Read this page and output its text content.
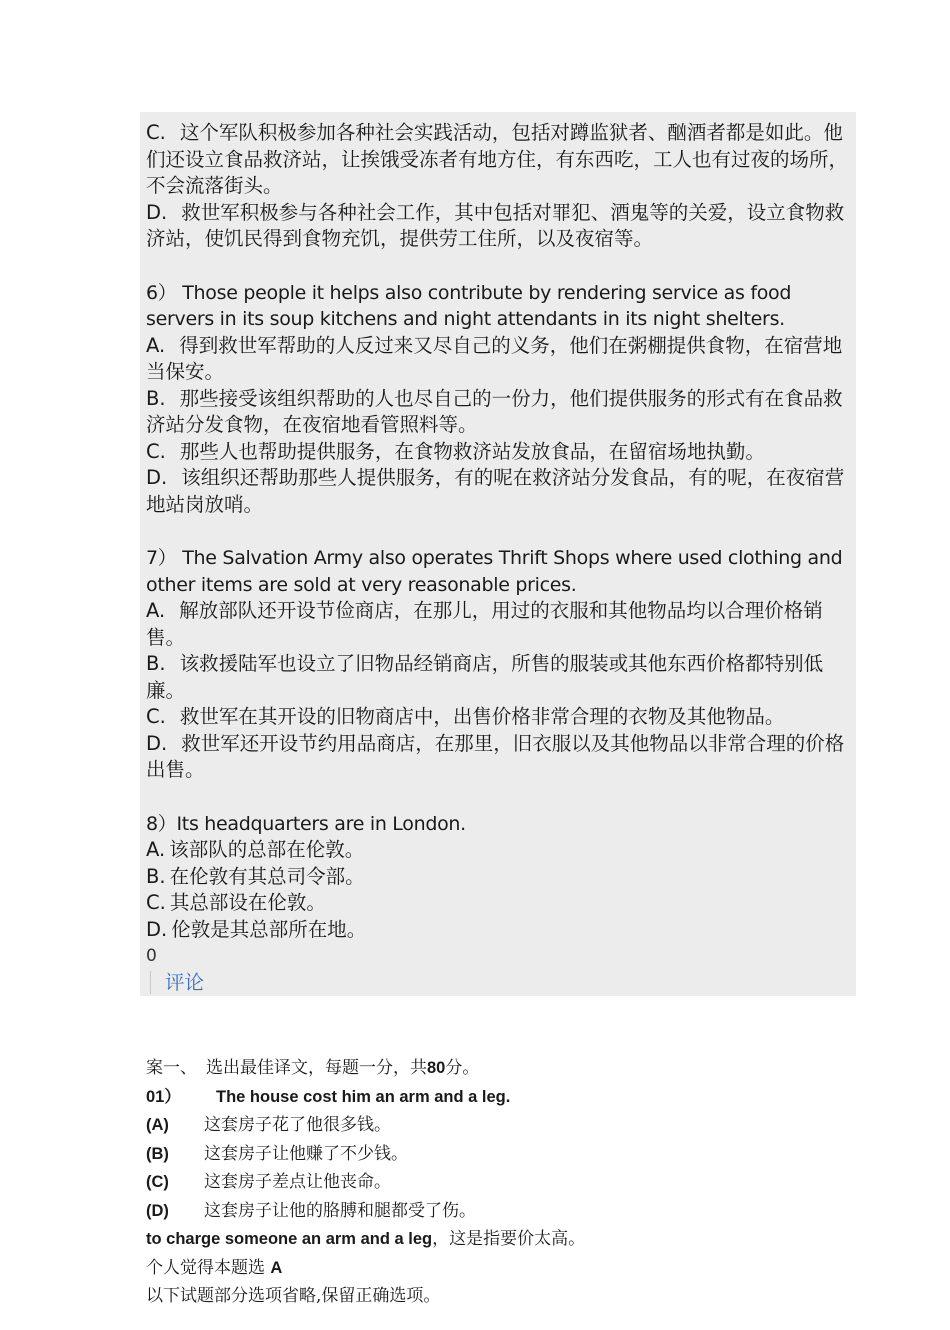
C. 这个军队积极参加各种社会实践活动，包括对蹲监狱者、酗酒者都是如此。他们还设立食品救济站，让挨饿受冻者有地方住，有东西吃，工人也有过夜的场所，不会流落街头。

D. 救世军积极参与各种社会工作，其中包括对罪犯、酒鬼等的关爱，设立食物救济站，使饥民得到食物充饥，提供劳工住所，以及夜宿等。

6） Those people it helps also contribute by rendering service as food servers in its soup kitchens and night attendants in its night shelters.

A. 得到救世军帮助的人反过来又尽自己的义务，他们在粥棚提供食物，在宿营地当保安。

B. 那些接受该组织帮助的人也尽自己的一份力，他们提供服务的形式有在食品救济站分发食物，在夜宿地看管照料等。

C. 那些人也帮助提供服务，在食物救济站发放食品，在留宿场地执勤。

D. 该组织还帮助那些人提供服务，有的呢在救济站分发食品，有的呢，在夜宿营地站岗放哨。

7） The Salvation Army also operates Thrift Shops where used clothing and other items are sold at very reasonable prices.

A. 解放部队还开设节俭商店，在那儿，用过的衣服和其他物品均以合理价格销售。

B. 该救援陆军也设立了旧物品经销商店，所售的服装或其他东西价格都特别低廉。

C. 救世军在其开设的旧物商店中，出售价格非常合理的衣物及其他物品。

D. 救世军还开设节约用品商店，在那里，旧衣服以及其他物品以非常合理的价格出售。

8）Its headquarters are in London.

A. 该部队的总部在伦敦。

B. 在伦敦有其总司令部。

C. 其总部设在伦敦。

D. 伦敦是其总部所在地。

0

评论

案一、 选出最佳译文，每题一分，共80分。

01） The house cost him an arm and a leg.

(A) 这套房子花了他很多钱。

(B) 这套房子让他赚了不少钱。

(C) 这套房子差点让他丧命。

(D) 这套房子让他的胳膊和腿都受了伤。

to charge someone an arm and a leg，这是指要价太高。

个人觉得本题选 A

以下试题部分选项省略,保留正确选项。
